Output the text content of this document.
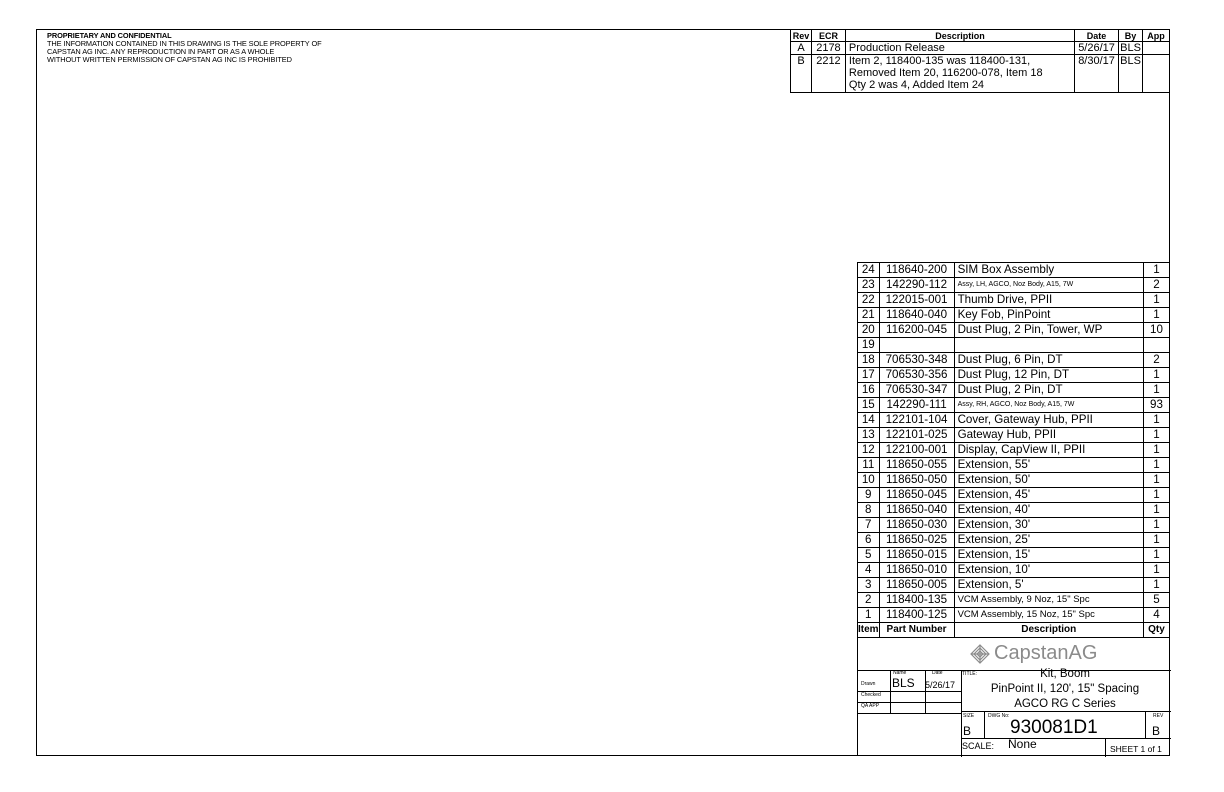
PROPRIETARY AND CONFIDENTIAL
THE INFORMATION CONTAINED IN THIS DRAWING IS THE SOLE PROPERTY OF
CAPSTAN AG INC. ANY REPRODUCTION IN PART OR AS A WHOLE
WITHOUT WRITTEN PERMISSION OF CAPSTAN AG INC IS PROHIBITED
Rev	ECR	Description	Date	By	App
A	2178	Production Release	5/26/17	BLS	
B	2212	Item 2, 118400-135 was 118400-131,
Removed Item 20, 116200-078, Item 18
Qty 2 was 4, Added Item 24	8/30/17	BLS	
24	118640-200	SIM Box Assembly	1
23	142290-112	Assy, LH, AGCO, Noz Body, A15, 7W	2
22	122015-001	Thumb Drive, PPII	1
21	118640-040	Key Fob, PinPoint	1
20	116200-045	Dust Plug, 2 Pin, Tower, WP	10
19			
18	706530-348	Dust Plug, 6 Pin, DT	2
17	706530-356	Dust Plug, 12 Pin, DT	1
16	706530-347	Dust Plug, 2 Pin, DT	1
15	142290-111	Assy, RH, AGCO, Noz Body, A15, 7W	93
14	122101-104	Cover, Gateway Hub, PPII	1
13	122101-025	Gateway Hub, PPII	1
12	122100-001	Display, CapView II, PPII	1
11	118650-055	Extension, 55'	1
10	118650-050	Extension, 50'	1
9	118650-045	Extension, 45'	1
8	118650-040	Extension, 40'	1
7	118650-030	Extension, 30'	1
6	118650-025	Extension, 25'	1
5	118650-015	Extension, 15'	1
4	118650-010	Extension, 10'	1
3	118650-005	Extension, 5'	1
2	118400-135	VCM Assembly, 9 Noz, 15" Spc	5
1	118400-125	VCM Assembly, 15 Noz, 15" Spc	4
Item	Part Number	Description	Qty
CapstanAG
Name	Date
Drawn
Checked
QA APP
BLS 5/26/17
TITLE:	Kit, Boom
PinPoint II, 120', 15" Spacing
AGCO RG C Series
SIZE
B
DWG No:
930081D1
REV
B
SCALE: None	SHEET 1 of 1
